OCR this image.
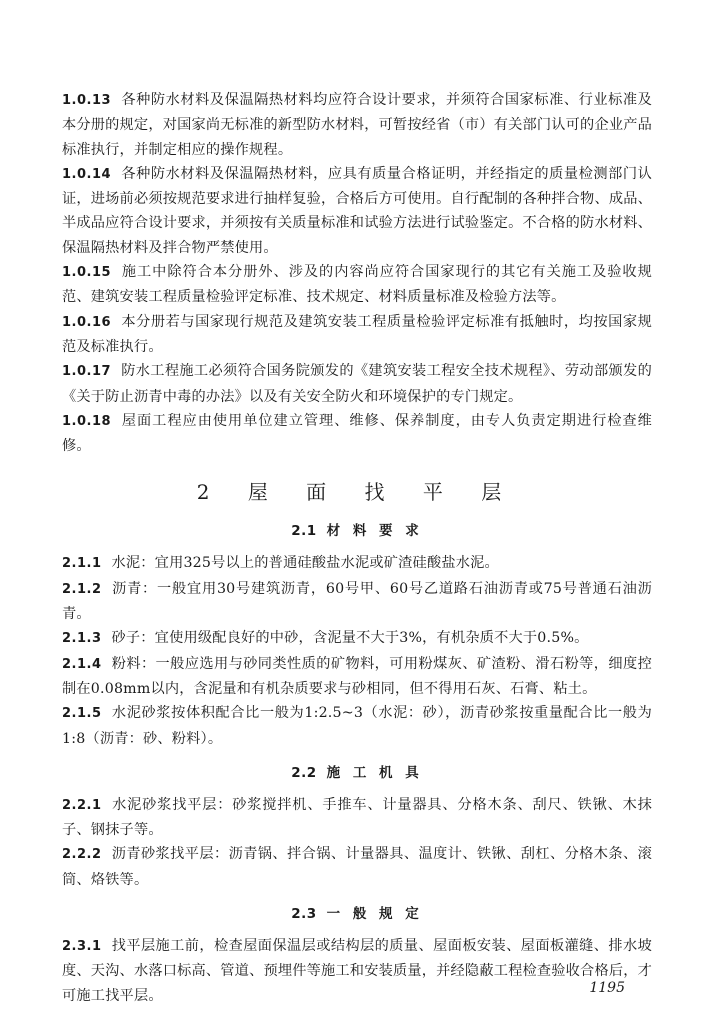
1.0.13 各种防水材料及保温隔热材料均应符合设计要求，并须符合国家标准、行业标准及本分册的规定，对国家尚无标准的新型防水材料，可暂按经省（市）有关部门认可的企业产品标准执行，并制定相应的操作规程。

1.0.14 各种防水材料及保温隔热材料，应具有质量合格证明，并经指定的质量检测部门认证，进场前必须按规范要求进行抽样复验，合格后方可使用。自行配制的各种拌合物、成品、半成品应符合设计要求，并须按有关质量标准和试验方法进行试验鉴定。不合格的防水材料、保温隔热材料及拌合物严禁使用。

1.0.15 施工中除符合本分册外、涉及的内容尚应符合国家现行的其它有关施工及验收规范、建筑安装工程质量检验评定标准、技术规定、材料质量标准及检验方法等。

1.0.16 本分册若与国家现行规范及建筑安装工程质量检验评定标准有抵触时，均按国家规范及标准执行。

1.0.17 防水工程施工必须符合国务院颁发的《建筑安装工程安全技术规程》、劳动部颁发的《关于防止沥青中毒的办法》以及有关安全防火和环境保护的专门规定。

1.0.18 屋面工程应由使用单位建立管理、维修、保养制度，由专人负责定期进行检查维修。

2 屋 面 找 平 层
2.1 材 料 要 求

2.1.1 水泥：宜用325号以上的普通硅酸盐水泥或矿渣硅酸盐水泥。

2.1.2 沥青：一般宜用30号建筑沥青，60号甲、60号乙道路石油沥青或75号普通石油沥青。

2.1.3 砂子：宜使用级配良好的中砂，含泥量不大于3%，有机杂质不大于0.5%。

2.1.4 粉料：一般应选用与砂同类性质的矿物料，可用粉煤灰、矿渣粉、滑石粉等，细度控制在0.08mm以内，含泥量和有机杂质要求与砂相同，但不得用石灰、石膏、粘土。

2.1.5 水泥砂浆按体积配合比一般为1:2.5~3（水泥：砂），沥青砂浆按重量配合比一般为1:8（沥青：砂、粉料）。

2.2 施 工 机 具

2.2.1 水泥砂浆找平层：砂浆搅拌机、手推车、计量器具、分格木条、刮尺、铁锹、木抹子、钢抹子等。

2.2.2 沥青砂浆找平层：沥青锅、拌合锅、计量器具、温度计、铁锹、刮杠、分格木条、滚筒、烙铁等。

2.3 一 般 规 定

2.3.1 找平层施工前，检查屋面保温层或结构层的质量、屋面板安装、屋面板灌缝、排水坡度、天沟、水落口标高、管道、预埋件等施工和安装质量，并经隐蔽工程检查验收合格后，才可施工找平层。	1195
